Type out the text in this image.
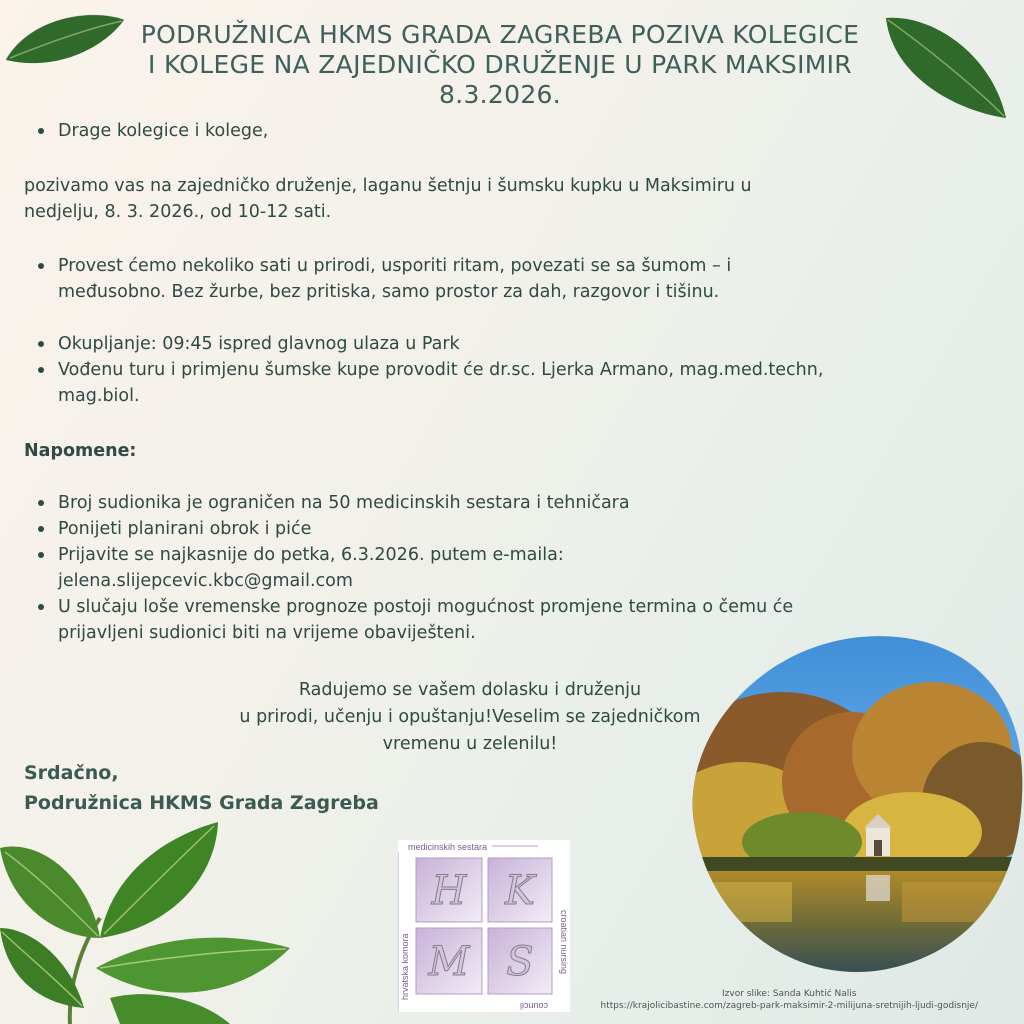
PODRUŽNICA HKMS GRADA ZAGREBA POZIVA KOLEGICE
I KOLEGE NA ZAJEDNIČKO DRUŽENJE U PARK MAKSIMIR
8.3.2026.
Drage kolegice i kolege,

pozivamo vas na zajedničko druženje, laganu šetnju i šumsku kupku u Maksimiru u
nedjelju, 8. 3. 2026., od 10-12 sati.

Provest ćemo nekoliko sati u prirodi, usporiti ritam, povezati se sa šumom – i
međusobno. Bez žurbe, bez pritiska, samo prostor za dah, razgovor i tišinu.
Okupljanje: 09:45 ispred glavnog ulaza u Park
Vođenu turu i primjenu šumske kupe provodit će dr.sc. Ljerka Armano, mag.med.techn,
mag.biol.

Napomene:

Broj sudionika je ograničen na 50 medicinskih sestara i tehničara
Ponijeti planirani obrok i piće
Prijavite se najkasnije do petka, 6.3.2026. putem e-maila:
jelena.slijepcevic.kbc@gmail.com
U slučaju loše vremenske prognoze postoji mogućnost promjene termina o čemu će
prijavljeni sudionici biti na vrijeme obaviješteni.
Radujemo se vašem dolasku i druženju
u prirodi, učenju i opuštanju!Veselim se zajedničkom
vremenu u zelenilu!
Srdačno,
Podružnica HKMS Grada Zagreba
Izvor slike: Sanda Kuhtić Nalis
https://krajolicibastine.com/zagreb-park-maksimir-2-milijuna-sretnijih-ljudi-godisnje/
medicinskih sestara
hrvatska komora	croatian nursing
council
H K
M S
